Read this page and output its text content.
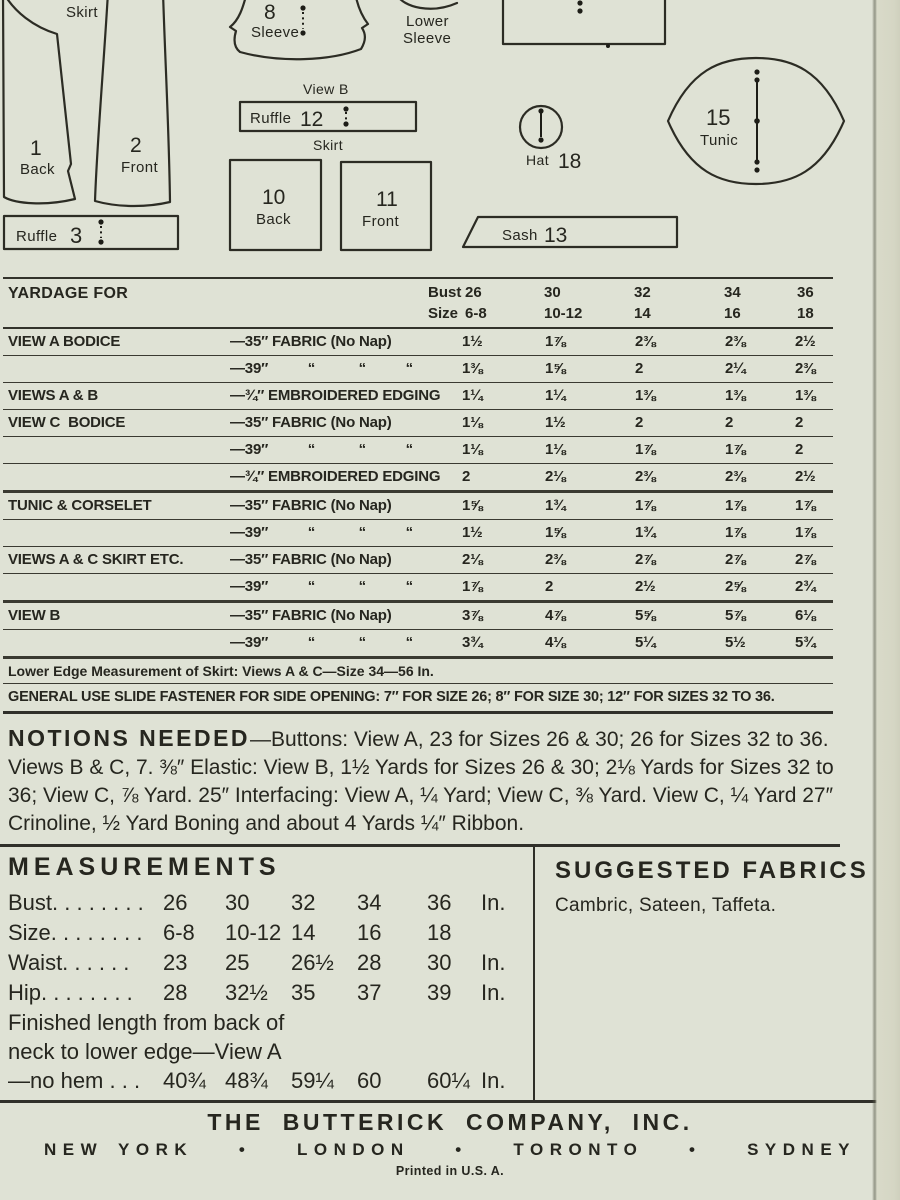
Skirt
1
Back
2
Front
8
Sleeve
Lower
Sleeve
View B
Ruffle 12
Skirt
10
Back
11
Front
Ruffle 3	Sash 13
Hat 18
15
Tunic
YARDAGE FOR	Bust 26	30	32	34	36
Size 6-8	10-12	14	16	18
VIEW A BODICE	—35″ FABRIC (No Nap)	1½	1⅞	2⅜	2⅜	2½
—39″          “           “          “	1⅜	1⅝	2	2¼	2⅜
VIEWS A & B	—¾″ EMBROIDERED EDGING	1¼	1¼	1⅜	1⅜	1⅜
VIEW C  BODICE	—35″ FABRIC (No Nap)	1⅛	1½	2	2	2
—39″          “           “          “	1⅛	1⅛	1⅞	1⅞	2
—¾″ EMBROIDERED EDGING	2	2⅛	2⅜	2⅜	2½
TUNIC & CORSELET	—35″ FABRIC (No Nap)	1⅝	1¾	1⅞	1⅞	1⅞
—39″          “           “          “	1½	1⅝	1¾	1⅞	1⅞
VIEWS A & C SKIRT ETC.	—35″ FABRIC (No Nap)	2⅛	2⅜	2⅞	2⅞	2⅞
—39″          “           “          “	1⅞	2	2½	2⅝	2¾
VIEW B	—35″ FABRIC (No Nap)	3⅞	4⅞	5⅝	5⅞	6⅛
—39″          “           “          “	3¾	4⅛	5¼	5½	5¾
Lower Edge Measurement of Skirt: Views A & C—Size 34—56 In.
GENERAL USE SLIDE FASTENER FOR SIDE OPENING: 7″ FOR SIZE 26; 8″ FOR SIZE 30; 12″ FOR SIZES 32 TO 36.
NOTIONS NEEDED—Buttons: View A, 23 for Sizes 26 & 30; 26 for Sizes 32 to 36. Views B & C, 7. ⅜″ Elastic: View B, 1½ Yards for Sizes 26 & 30; 2⅛ Yards for Sizes 32 to 36; View C, ⅞ Yard. 25″ Interfacing: View A, ¼ Yard; View C, ⅜ Yard. View C, ¼ Yard 27″ Crinoline, ½ Yard Boning and about 4 Yards ¼″ Ribbon.
MEASUREMENTS
Bust. . . . . . . . 26	30	32	34	36	In.
Size. . . . . . . . 6-8	10-12 14	16	18
Waist. . . . . .	23	25	26½	28	30	In.
Hip. . . . . . . .	28	32½	35	37	39	In.
Finished length from back of
neck to lower edge—View A
—no hem . . .	40¾ 48¾	59¼	60	60¼ In.
SUGGESTED FABRICS
Cambric, Sateen, Taffeta.
THE BUTTERICK COMPANY, INC.
NEW YORK   •   LONDON   •   TORONTO   •   SYDNEY
Printed in U.S. A.
